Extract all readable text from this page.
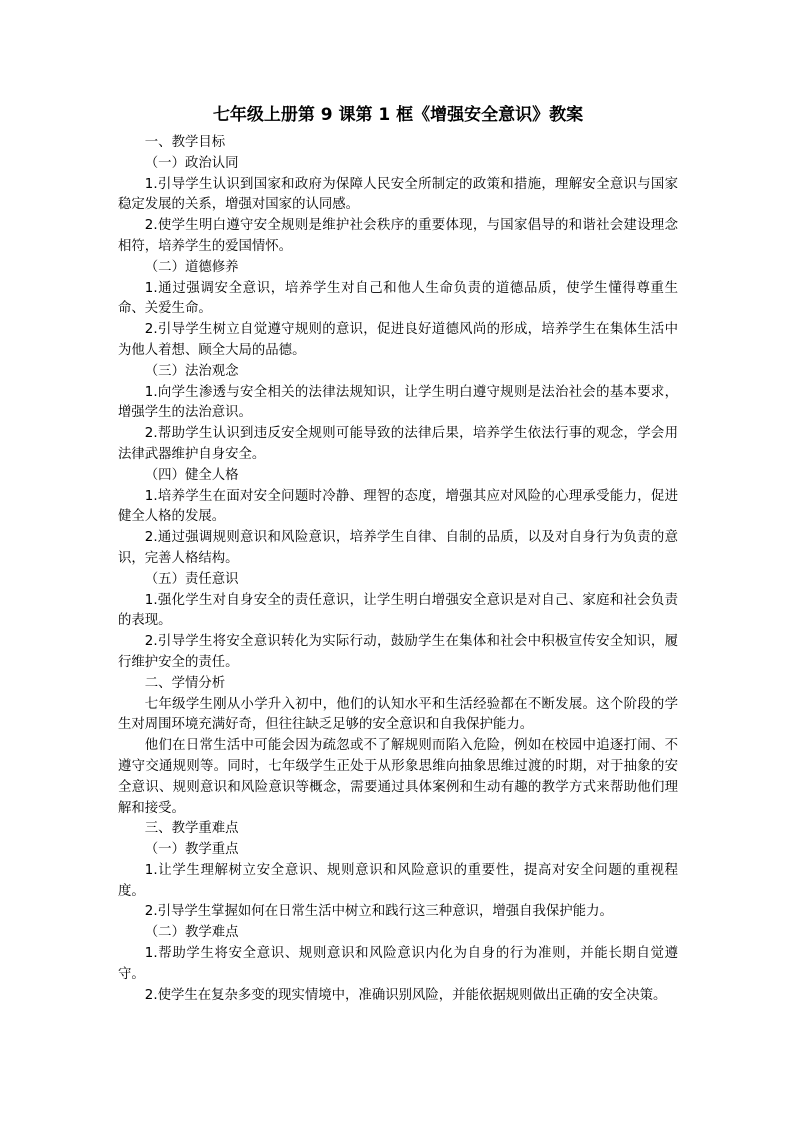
七年级上册第 9 课第 1 框《增强安全意识》教案
一、教学目标
（一）政治认同

1.引导学生认识到国家和政府为保障人民安全所制定的政策和措施，理解安全意识与国家稳定发展的关系，增强对国家的认同感。

2.使学生明白遵守安全规则是维护社会秩序的重要体现，与国家倡导的和谐社会建设理念相符，培养学生的爱国情怀。

（二）道德修养

1.通过强调安全意识，培养学生对自己和他人生命负责的道德品质，使学生懂得尊重生命、关爱生命。

2.引导学生树立自觉遵守规则的意识，促进良好道德风尚的形成，培养学生在集体生活中为他人着想、顾全大局的品德。

（三）法治观念

1.向学生渗透与安全相关的法律法规知识，让学生明白遵守规则是法治社会的基本要求，增强学生的法治意识。

2.帮助学生认识到违反安全规则可能导致的法律后果，培养学生依法行事的观念，学会用法律武器维护自身安全。

（四）健全人格

1.培养学生在面对安全问题时冷静、理智的态度，增强其应对风险的心理承受能力，促进健全人格的发展。

2.通过强调规则意识和风险意识，培养学生自律、自制的品质，以及对自身行为负责的意识，完善人格结构。

（五）责任意识

1.强化学生对自身安全的责任意识，让学生明白增强安全意识是对自己、家庭和社会负责的表现。

2.引导学生将安全意识转化为实际行动，鼓励学生在集体和社会中积极宣传安全知识，履行维护安全的责任。

二、学情分析

七年级学生刚从小学升入初中，他们的认知水平和生活经验都在不断发展。这个阶段的学生对周围环境充满好奇，但往往缺乏足够的安全意识和自我保护能力。

他们在日常生活中可能会因为疏忽或不了解规则而陷入危险，例如在校园中追逐打闹、不遵守交通规则等。同时，七年级学生正处于从形象思维向抽象思维过渡的时期，对于抽象的安全意识、规则意识和风险意识等概念，需要通过具体案例和生动有趣的教学方式来帮助他们理解和接受。

三、教学重难点
（一）教学重点

1.让学生理解树立安全意识、规则意识和风险意识的重要性，提高对安全问题的重视程度。

2.引导学生掌握如何在日常生活中树立和践行这三种意识，增强自我保护能力。

（二）教学难点

1.帮助学生将安全意识、规则意识和风险意识内化为自身的行为准则，并能长期自觉遵守。

2.使学生在复杂多变的现实情境中，准确识别风险，并能依据规则做出正确的安全决策。
